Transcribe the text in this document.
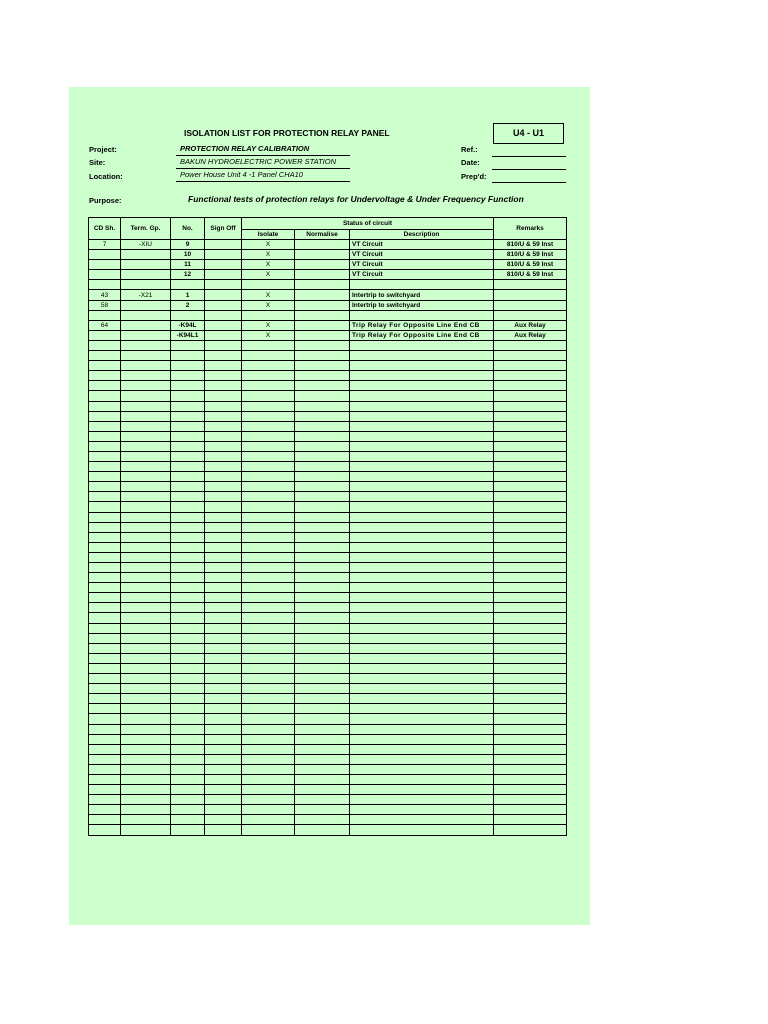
ISOLATION LIST FOR PROTECTION RELAY PANEL	U4 - U1
Project:	PROTECTION RELAY CALIBRATION
Site:	BAKUN HYDROELECTRIC POWER STATION
Location:	Power House Unit 4 -1 Panel CHA10
Ref.:
Date:
Prep'd:
Purpose:	Functional tests of protection relays for Undervoltage & Under Frequency Function
CD Sh.	Term. Gp.	No.	Sign Off	Status of circuit			Remarks
				Isolate	Normalise	Description	
7	-XIU	9		X		VT Circuit	810/U & 59 Inst
		10		X		VT Circuit	810/U & 59 Inst
		11		X		VT Circuit	810/U & 59 Inst
		12		X		VT Circuit	810/U & 59 Inst

43	-X21	1		X		Intertrip to switchyard	
58		2		X		Intertrip to switchyard	

64		-K94L		X		Trip Relay For Opposite Line End CB	Aux Relay
		-K94L1		X		Trip Relay For Opposite Line End CB	Aux Relay
